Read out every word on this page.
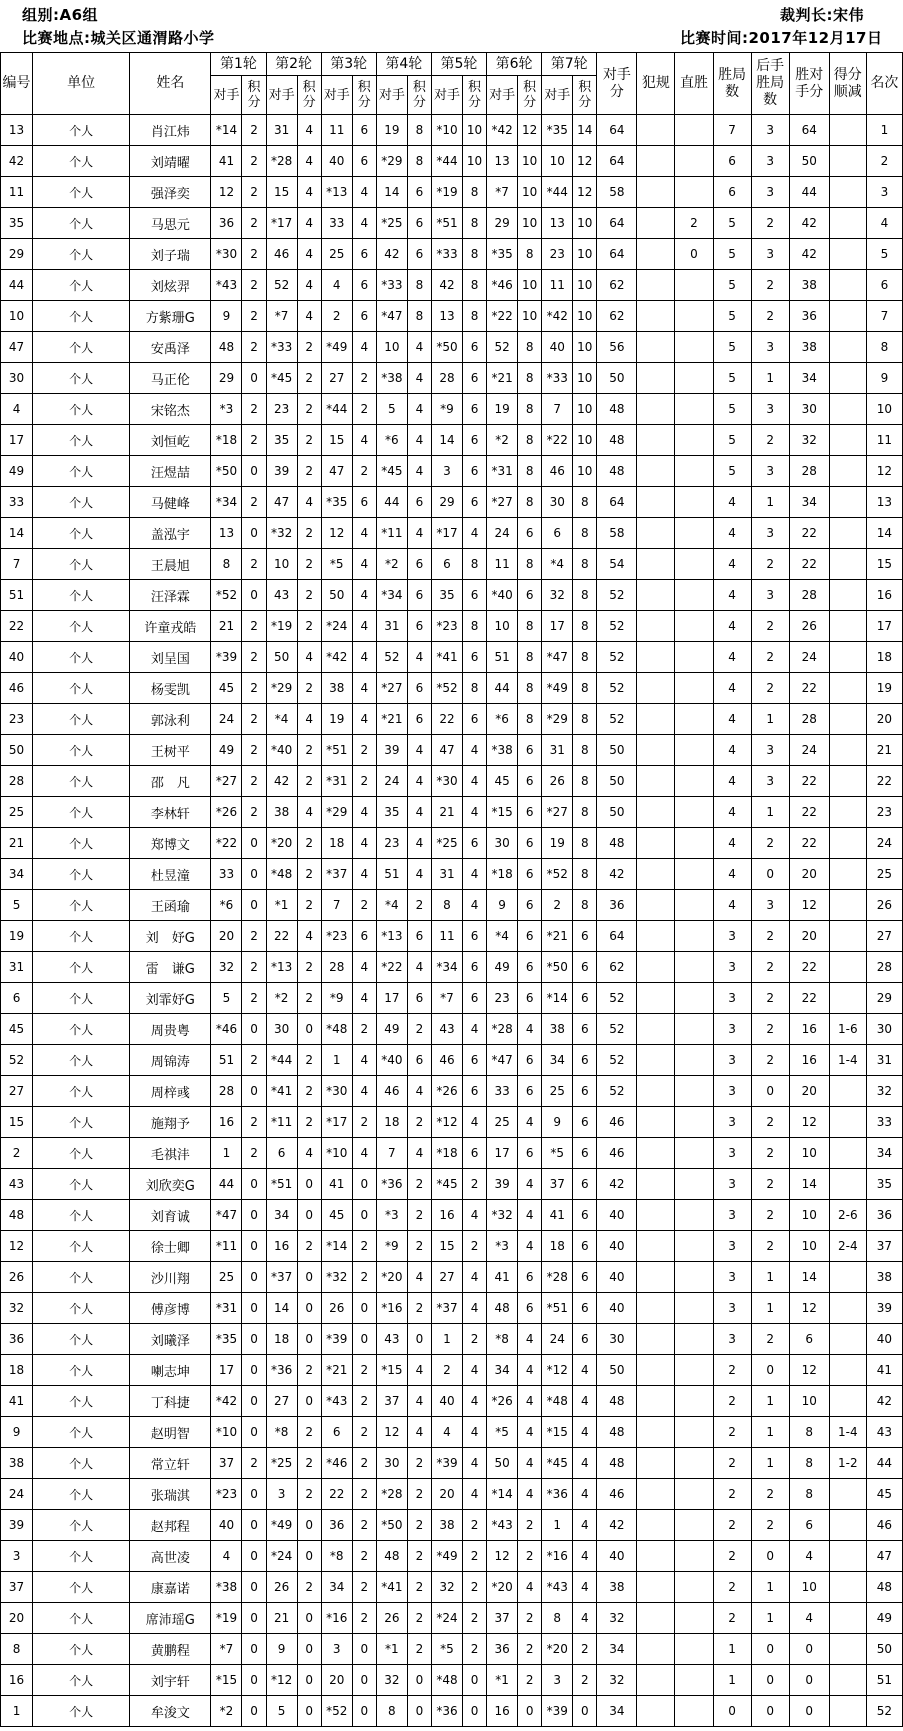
组别:A6组	裁判长:宋伟
比赛地点:城关区通渭路小学	比赛时间:2017年12月17日
编号	单位	姓名	第1轮		第2轮		第3轮		第4轮		第5轮		第6轮		第7轮		对手分	犯规	直胜	胜局数	后手胜局数	胜对手分	得分顺减	名次
			对手	积分	对手	积分	对手	积分	对手	积分	对手	积分	对手	积分	对手	积分								
13	个人	肖江炜	*14	2	31	4	11	6	19	8	*10	10	*42	12	*35	14	64			7	3	64		1
42	个人	刘靖曜	41	2	*28	4	40	6	*29	8	*44	10	13	10	10	12	64			6	3	50		2
11	个人	强泽奕	12	2	15	4	*13	4	14	6	*19	8	*7	10	*44	12	58			6	3	44		3
35	个人	马思元	36	2	*17	4	33	4	*25	6	*51	8	29	10	13	10	64		2	5	2	42		4
29	个人	刘子瑞	*30	2	46	4	25	6	42	6	*33	8	*35	8	23	10	64		0	5	3	42		5
44	个人	刘炫羿	*43	2	52	4	4	6	*33	8	42	8	*46	10	11	10	62			5	2	38		6
10	个人	方紫珊G	9	2	*7	4	2	6	*47	8	13	8	*22	10	*42	10	62			5	2	36		7
47	个人	安禹泽	48	2	*33	2	*49	4	10	4	*50	6	52	8	40	10	56			5	3	38		8
30	个人	马正伦	29	0	*45	2	27	2	*38	4	28	6	*21	8	*33	10	50			5	1	34		9
4	个人	宋铭杰	*3	2	23	2	*44	2	5	4	*9	6	19	8	7	10	48			5	3	30		10
17	个人	刘恒屹	*18	2	35	2	15	4	*6	4	14	6	*2	8	*22	10	48			5	2	32		11
49	个人	汪煜喆	*50	0	39	2	47	2	*45	4	3	6	*31	8	46	10	48			5	3	28		12
33	个人	马健峰	*34	2	47	4	*35	6	44	6	29	6	*27	8	30	8	64			4	1	34		13
14	个人	盖泓宇	13	0	*32	2	12	4	*11	4	*17	4	24	6	6	8	58			4	3	22		14
7	个人	王晨旭	8	2	10	2	*5	4	*2	6	6	8	11	8	*4	8	54			4	2	22		15
51	个人	汪泽霖	*52	0	43	2	50	4	*34	6	35	6	*40	6	32	8	52			4	3	28		16
22	个人	许童戎皓	21	2	*19	2	*24	4	31	6	*23	8	10	8	17	8	52			4	2	26		17
40	个人	刘呈国	*39	2	50	4	*42	4	52	4	*41	6	51	8	*47	8	52			4	2	24		18
46	个人	杨雯凯	45	2	*29	2	38	4	*27	6	*52	8	44	8	*49	8	52			4	2	22		19
23	个人	郭泳利	24	2	*4	4	19	4	*21	6	22	6	*6	8	*29	8	52			4	1	28		20
50	个人	王树平	49	2	*40	2	*51	2	39	4	47	4	*38	6	31	8	50			4	3	24		21
28	个人	邵　凡	*27	2	42	2	*31	2	24	4	*30	4	45	6	26	8	50			4	3	22		22
25	个人	李林轩	*26	2	38	4	*29	4	35	4	21	4	*15	6	*27	8	50			4	1	22		23
21	个人	郑博文	*22	0	*20	2	18	4	23	4	*25	6	30	6	19	8	48			4	2	22		24
34	个人	杜昱潼	33	0	*48	2	*37	4	51	4	31	4	*18	6	*52	8	42			4	0	20		25
5	个人	王函瑜	*6	0	*1	2	7	2	*4	2	8	4	9	6	2	8	36			4	3	12		26
19	个人	刘　妤G	20	2	22	4	*23	6	*13	6	11	6	*4	6	*21	6	64			3	2	20		27
31	个人	雷　谦G	32	2	*13	2	28	4	*22	4	*34	6	49	6	*50	6	62			3	2	22		28
6	个人	刘霏妤G	5	2	*2	2	*9	4	17	6	*7	6	23	6	*14	6	52			3	2	22		29
45	个人	周贵粤	*46	0	30	0	*48	2	49	2	43	4	*28	4	38	6	52			3	2	16	1-6	30
52	个人	周锦涛	51	2	*44	2	1	4	*40	6	46	6	*47	6	34	6	52			3	2	16	1-4	31
27	个人	周梓彧	28	0	*41	2	*30	4	46	4	*26	6	33	6	25	6	52			3	0	20		32
15	个人	施翔予	16	2	*11	2	*17	2	18	2	*12	4	25	4	9	6	46			3	2	12		33
2	个人	毛祺沣	1	2	6	4	*10	4	7	4	*18	6	17	6	*5	6	46			3	2	10		34
43	个人	刘欣奕G	44	0	*51	0	41	0	*36	2	*45	2	39	4	37	6	42			3	2	14		35
48	个人	刘育诚	*47	0	34	0	45	0	*3	2	16	4	*32	4	41	6	40			3	2	10	2-6	36
12	个人	徐士卿	*11	0	16	2	*14	2	*9	2	15	2	*3	4	18	6	40			3	2	10	2-4	37
26	个人	沙川翔	25	0	*37	0	*32	2	*20	4	27	4	41	6	*28	6	40			3	1	14		38
32	个人	傅彦博	*31	0	14	0	26	0	*16	2	*37	4	48	6	*51	6	40			3	1	12		39
36	个人	刘曦泽	*35	0	18	0	*39	0	43	0	1	2	*8	4	24	6	30			3	2	6		40
18	个人	喇志坤	17	0	*36	2	*21	2	*15	4	2	4	34	4	*12	4	50			2	0	12		41
41	个人	丁科捷	*42	0	27	0	*43	2	37	4	40	4	*26	4	*48	4	48			2	1	10		42
9	个人	赵明智	*10	0	*8	2	6	2	12	4	4	4	*5	4	*15	4	48			2	1	8	1-4	43
38	个人	常立轩	37	2	*25	2	*46	2	30	2	*39	4	50	4	*45	4	48			2	1	8	1-2	44
24	个人	张瑞淇	*23	0	3	2	22	2	*28	2	20	4	*14	4	*36	4	46			2	2	8		45
39	个人	赵邦程	40	0	*49	0	36	2	*50	2	38	2	*43	2	1	4	42			2	2	6		46
3	个人	高世凌	4	0	*24	0	*8	2	48	2	*49	2	12	2	*16	4	40			2	0	4		47
37	个人	康嘉诺	*38	0	26	2	34	2	*41	2	32	2	*20	4	*43	4	38			2	1	10		48
20	个人	席沛瑶G	*19	0	21	0	*16	2	26	2	*24	2	37	2	8	4	32			2	1	4		49
8	个人	黄鹏程	*7	0	9	0	3	0	*1	2	*5	2	36	2	*20	2	34			1	0	0		50
16	个人	刘宇轩	*15	0	*12	0	20	0	32	0	*48	0	*1	2	3	2	32			1	0	0		51
1	个人	牟浚文	*2	0	5	0	*52	0	8	0	*36	0	16	0	*39	0	34			0	0	0		52
